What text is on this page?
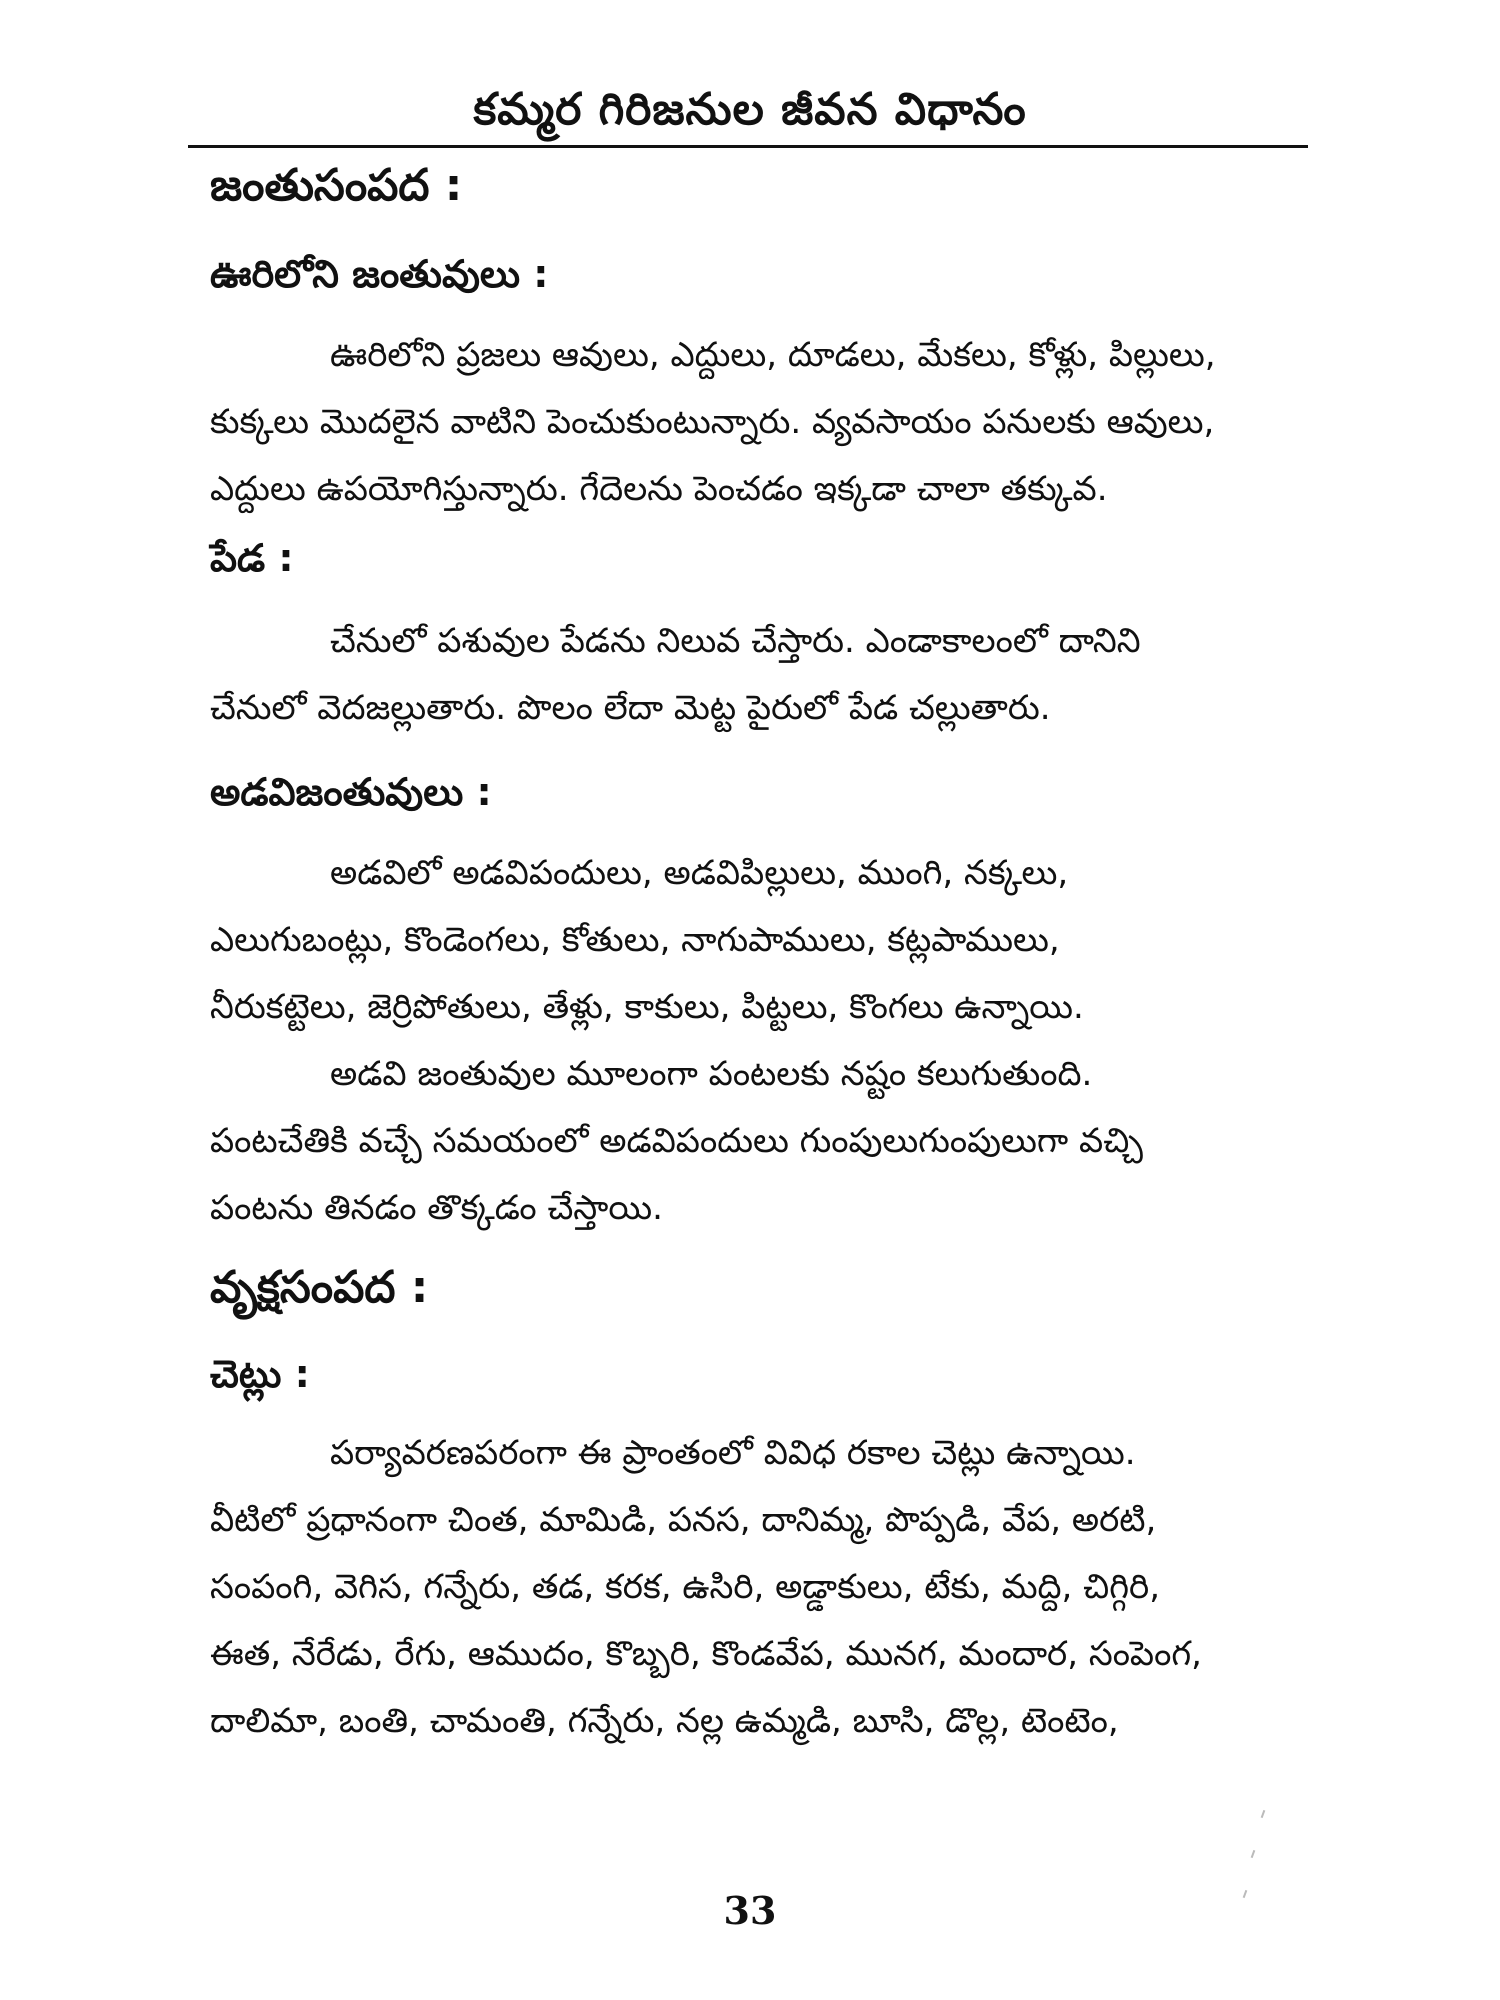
కమ్మర గిరిజనుల జీవన విధానం
జంతుసంపద :
ఊరిలోని జంతువులు :
ఊరిలోని ప్రజలు ఆవులు, ఎద్దులు, దూడలు, మేకలు, కోళ్లు, పిల్లులు,
కుక్కలు మొదలైన వాటిని పెంచుకుంటున్నారు. వ్యవసాయం పనులకు ఆవులు,
ఎద్దులు ఉపయోగిస్తున్నారు. గేదెలను పెంచడం ఇక్కడా చాలా తక్కువ.
పేడ :
చేనులో పశువుల పేడను నిలువ చేస్తారు. ఎండాకాలంలో దానిని
చేనులో వెదజల్లుతారు. పొలం లేదా మెట్ట పైరులో పేడ చల్లుతారు.
అడవిజంతువులు :
అడవిలో అడవిపందులు, అడవిపిల్లులు, ముంగి, నక్కలు,
ఎలుగుబంట్లు, కొండెంగలు, కోతులు, నాగుపాములు, కట్లపాములు,
నీరుకట్టెలు, జెర్రిపోతులు, తేళ్లు, కాకులు, పిట్టలు, కొంగలు ఉన్నాయి.
అడవి జంతువుల మూలంగా పంటలకు నష్టం కలుగుతుంది.
పంటచేతికి వచ్చే సమయంలో అడవిపందులు గుంపులుగుంపులుగా వచ్చి
పంటను తినడం తొక్కడం చేస్తాయి.
వృక్షసంపద :
చెట్లు :
పర్యావరణపరంగా ఈ ప్రాంతంలో వివిధ రకాల చెట్లు ఉన్నాయి.
వీటిలో ప్రధానంగా చింత, మామిడి, పనస, దానిమ్మ, పొప్పడి, వేప, అరటి,
సంపంగి, వెగిస, గన్నేరు, తడ, కరక, ఉసిరి, అడ్డాకులు, టేకు, మద్ది, చిగ్గిరి,
ఈత, నేరేడు, రేగు, ఆముదం, కొబ్బరి, కొండవేప, మునగ, మందార, సంపెంగ,
దాలిమా, బంతి, చామంతి, గన్నేరు, నల్ల ఉమ్మడి, బూసి, డొల్ల, టెంటెం,
33
